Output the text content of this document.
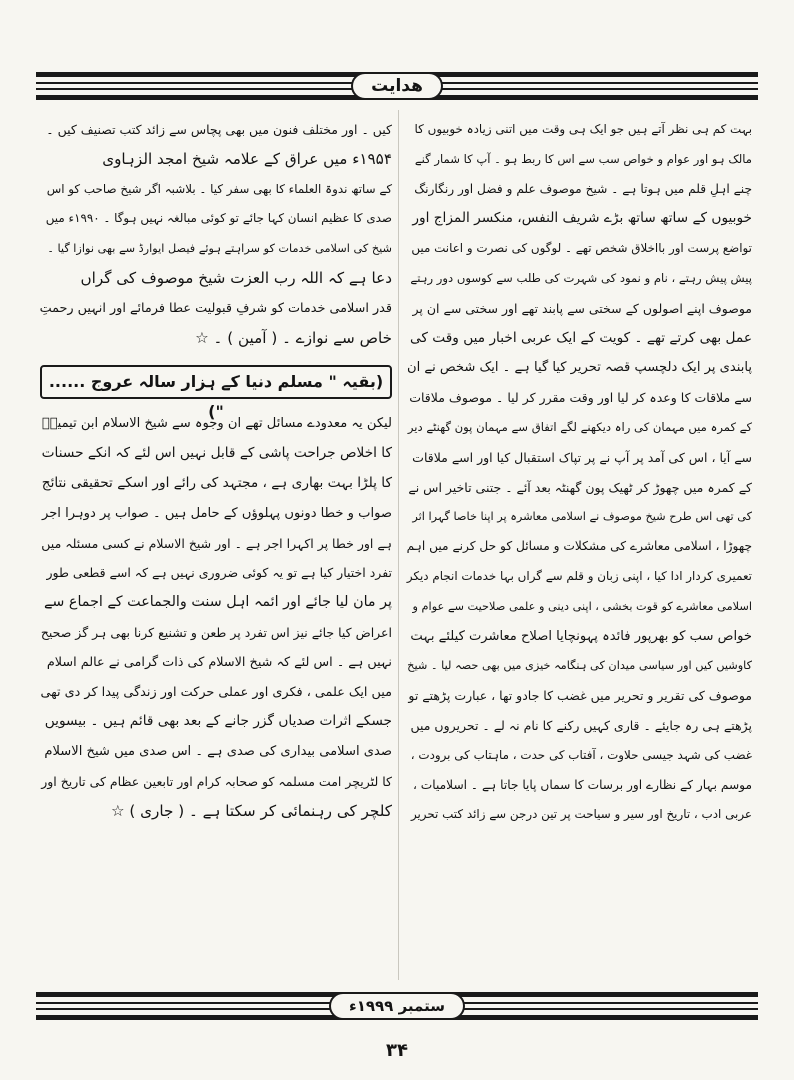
ھدایت

بہت کم ہی نظر آتے ہیں جو ایک ہی وقت میں اتنی زیادہ خوبیوں کا

مالک ہو اور عوام و خواص سب سے اس کا ربط ہو ۔ آپ کا شمار گنے

چنے اہلِ قلم میں ہوتا ہے ۔ شیخ موصوف علم و فضل اور رنگارنگ

خوبیوں کے ساتھ ساتھ بڑے شریف النفس، منکسر المزاج اور

تواضع پرست اور بااخلاق شخص تھے ۔ لوگوں کی نصرت و اعانت میں

پیش پیش رہتے ، نام و نمود کی شہرت کی طلب سے کوسوں دور رہتے

موصوف اپنے اصولوں کے سختی سے پابند تھے اور سختی سے ان پر

عمل بھی کرتے تھے ۔ کویت کے ایک عربی اخبار میں وقت کی

پابندی پر ایک دلچسپ قصہ تحریر کیا گیا ہے ۔ ایک شخص نے ان

سے ملاقات کا وعدہ کر لیا اور وقت مقرر کر لیا ۔ موصوف ملاقات

کے کمرہ میں مہمان کی راہ دیکھنے لگے اتفاق سے مہمان پون گھنٹے دیر

سے آیا ، اس کی آمد پر آپ نے پر تپاک استقبال کیا اور اسے ملاقات

کے کمرہ میں چھوڑ کر ٹھیک پون گھنٹہ بعد آئے ۔ جتنی تاخیر اس نے

کی تھی اس طرح شیخ موصوف نے اسلامی معاشرہ پر اپنا خاصا گہرا اثر

چھوڑا ، اسلامی معاشرے کی مشکلات و مسائل کو حل کرنے میں اہم

تعمیری کردار ادا کیا ، اپنی زبان و قلم سے گراں بہا خدمات انجام دیکر

اسلامی معاشرے کو قوت بخشی ، اپنی دینی و علمی صلاحیت سے عوام و

خواص سب کو بھرپور فائدہ پہونچایا اصلاح معاشرت کیلئے بہت

کاوشیں کیں اور سیاسی میدان کی ہنگامہ خیزی میں بھی حصہ لیا ۔ شیخ

موصوف کی تقریر و تحریر میں غضب کا جادو تھا ، عبارت پڑھتے تو

پڑھتے ہی رہ جایئے ۔ قاری کہیں رکنے کا نام نہ لے ۔ تحریروں میں

غضب کی شہد جیسی حلاوت ، آفتاب کی حدت ، ماہتاب کی برودت ،

موسم بہار کے نظارے اور برسات کا سماں پایا جاتا ہے ۔ اسلامیات ،

عربی ادب ، تاریخ اور سیر و سیاحت پر تین درجن سے زائد کتب تحریر

کیں ۔ اور مختلف فنون میں بھی پچاس سے زائد کتب تصنیف کیں ۔

۱۹۵۴ء میں عراق کے علامہ شیخ امجد الزہاوی

کے ساتھ ندوۃ العلماء کا بھی سفر کیا ۔ بلاشبہ اگر شیخ صاحب کو اس

صدی کا عظیم انسان کہا جائے تو کوئی مبالغہ نہیں ہوگا ۔ ۱۹۹۰ء میں

شیخ کی اسلامی خدمات کو سراہتے ہوئے فیصل ایوارڈ سے بھی نوازا گیا ۔

دعا ہے کہ اللہ رب العزت شیخ موصوف کی گراں

قدر اسلامی خدمات کو شرفِ قبولیت عطا فرمائے اور انہیں رحمتِ

خاص سے نوازے ۔ ( آمین ) ۔ ☆

(بقیہ " مسلم دنیا کے ہزار سالہ عروج ...... ")

لیکن یہ معدودے مسائل تھے ان وجوہ سے شیخ الاسلام ابن تیمیہؒ

کا اخلاص جراحت پاشی کے قابل نہیں اس لئے کہ انکے حسنات

کا پلڑا بہت بھاری ہے ، مجتہد کی رائے اور اسکے تحقیقی نتائج

صواب و خطا دونوں پہلوؤں کے حامل ہیں ۔ صواب پر دوہرا اجر

ہے اور خطا پر اکہرا اجر ہے ۔ اور شیخ الاسلام نے کسی مسئلہ میں

تفرد اختیار کیا ہے تو یہ کوئی ضروری نہیں ہے کہ اسے قطعی طور

پر مان لیا جائے اور ائمہ اہل سنت والجماعت کے اجماع سے

اعراض کیا جائے نیز اس تفرد پر طعن و تشنیع کرنا بھی ہر گز صحیح

نہیں ہے ۔ اس لئے کہ شیخ الاسلام کی ذات گرامی نے عالم اسلام

میں ایک علمی ، فکری اور عملی حرکت اور زندگی پیدا کر دی تھی

جسکے اثرات صدیاں گزر جانے کے بعد بھی قائم ہیں ۔ بیسویں

صدی اسلامی بیداری کی صدی ہے ۔ اس صدی میں شیخ الاسلام

کا لٹریچر امت مسلمہ کو صحابہ کرام اور تابعین عظام کی تاریخ اور

کلچر کی رہنمائی کر سکتا ہے ۔ ( جاری ) ☆

ستمبر ۱۹۹۹ء
۳۴
